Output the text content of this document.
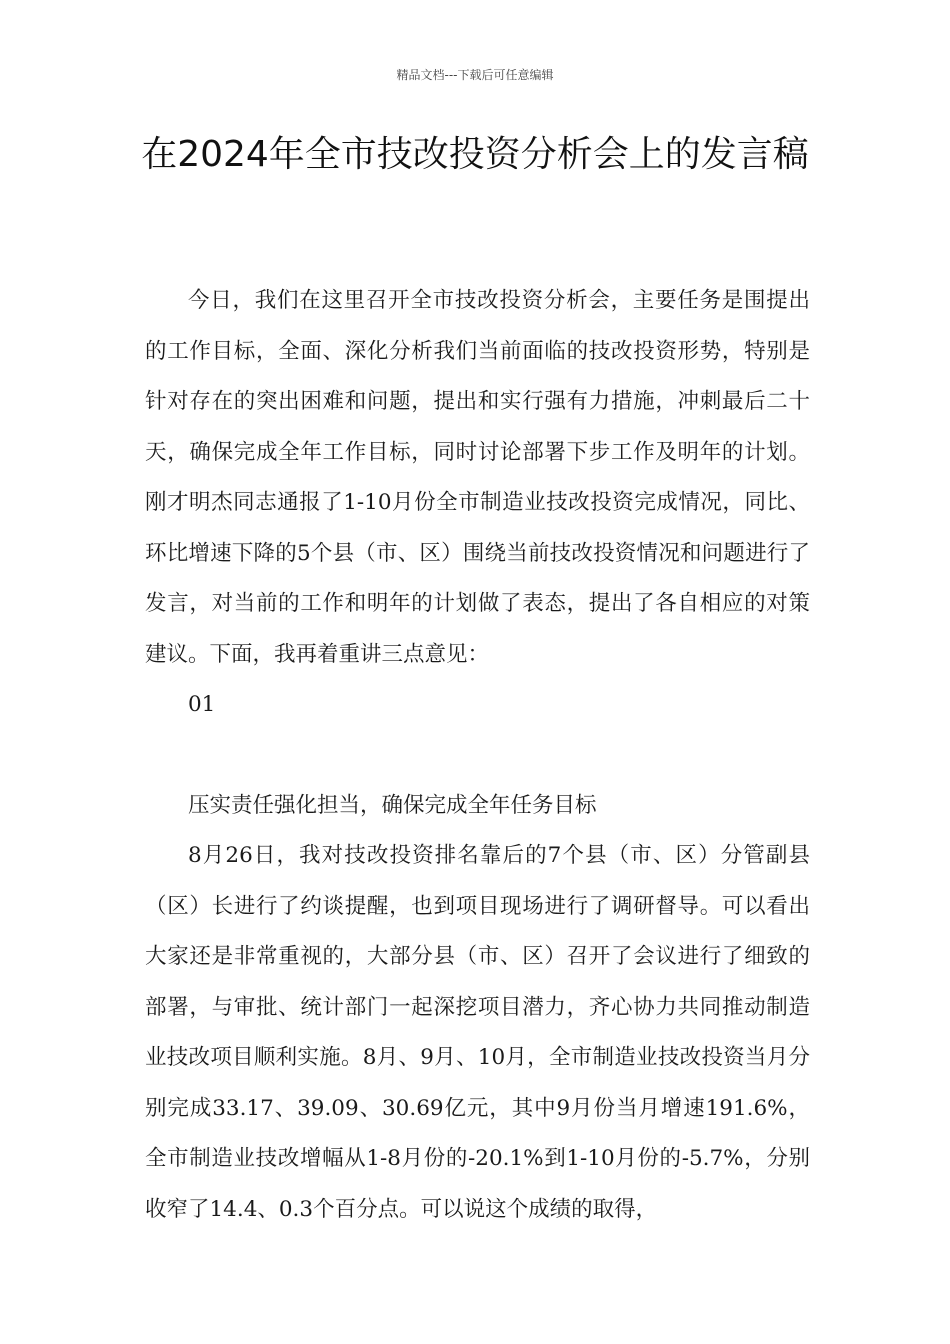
精品文档---下载后可任意编辑
在2024年全市技改投资分析会上的发言稿

今日，我们在这里召开全市技改投资分析会，主要任务是围提出的工作目标，全面、深化分析我们当前面临的技改投资形势，特别是针对存在的突出困难和问题，提出和实行强有力措施，冲刺最后二十天，确保完成全年工作目标，同时讨论部署下步工作及明年的计划。刚才明杰同志通报了1-10月份全市制造业技改投资完成情况，同比、环比增速下降的5个县（市、区）围绕当前技改投资情况和问题进行了发言，对当前的工作和明年的计划做了表态，提出了各自相应的对策建议。下面，我再着重讲三点意见：

01

压实责任强化担当，确保完成全年任务目标

8月26日，我对技改投资排名靠后的7个县（市、区）分管副县（区）长进行了约谈提醒，也到项目现场进行了调研督导。可以看出大家还是非常重视的，大部分县（市、区）召开了会议进行了细致的部署，与审批、统计部门一起深挖项目潜力，齐心协力共同推动制造业技改项目顺利实施。8月、9月、10月，全市制造业技改投资当月分别完成33.17、39.09、30.69亿元，其中9月份当月增速191.6%，全市制造业技改增幅从1-8月份的-20.1%到1-10月份的-5.7%，分别收窄了14.4、0.3个百分点。可以说这个成绩的取得，
